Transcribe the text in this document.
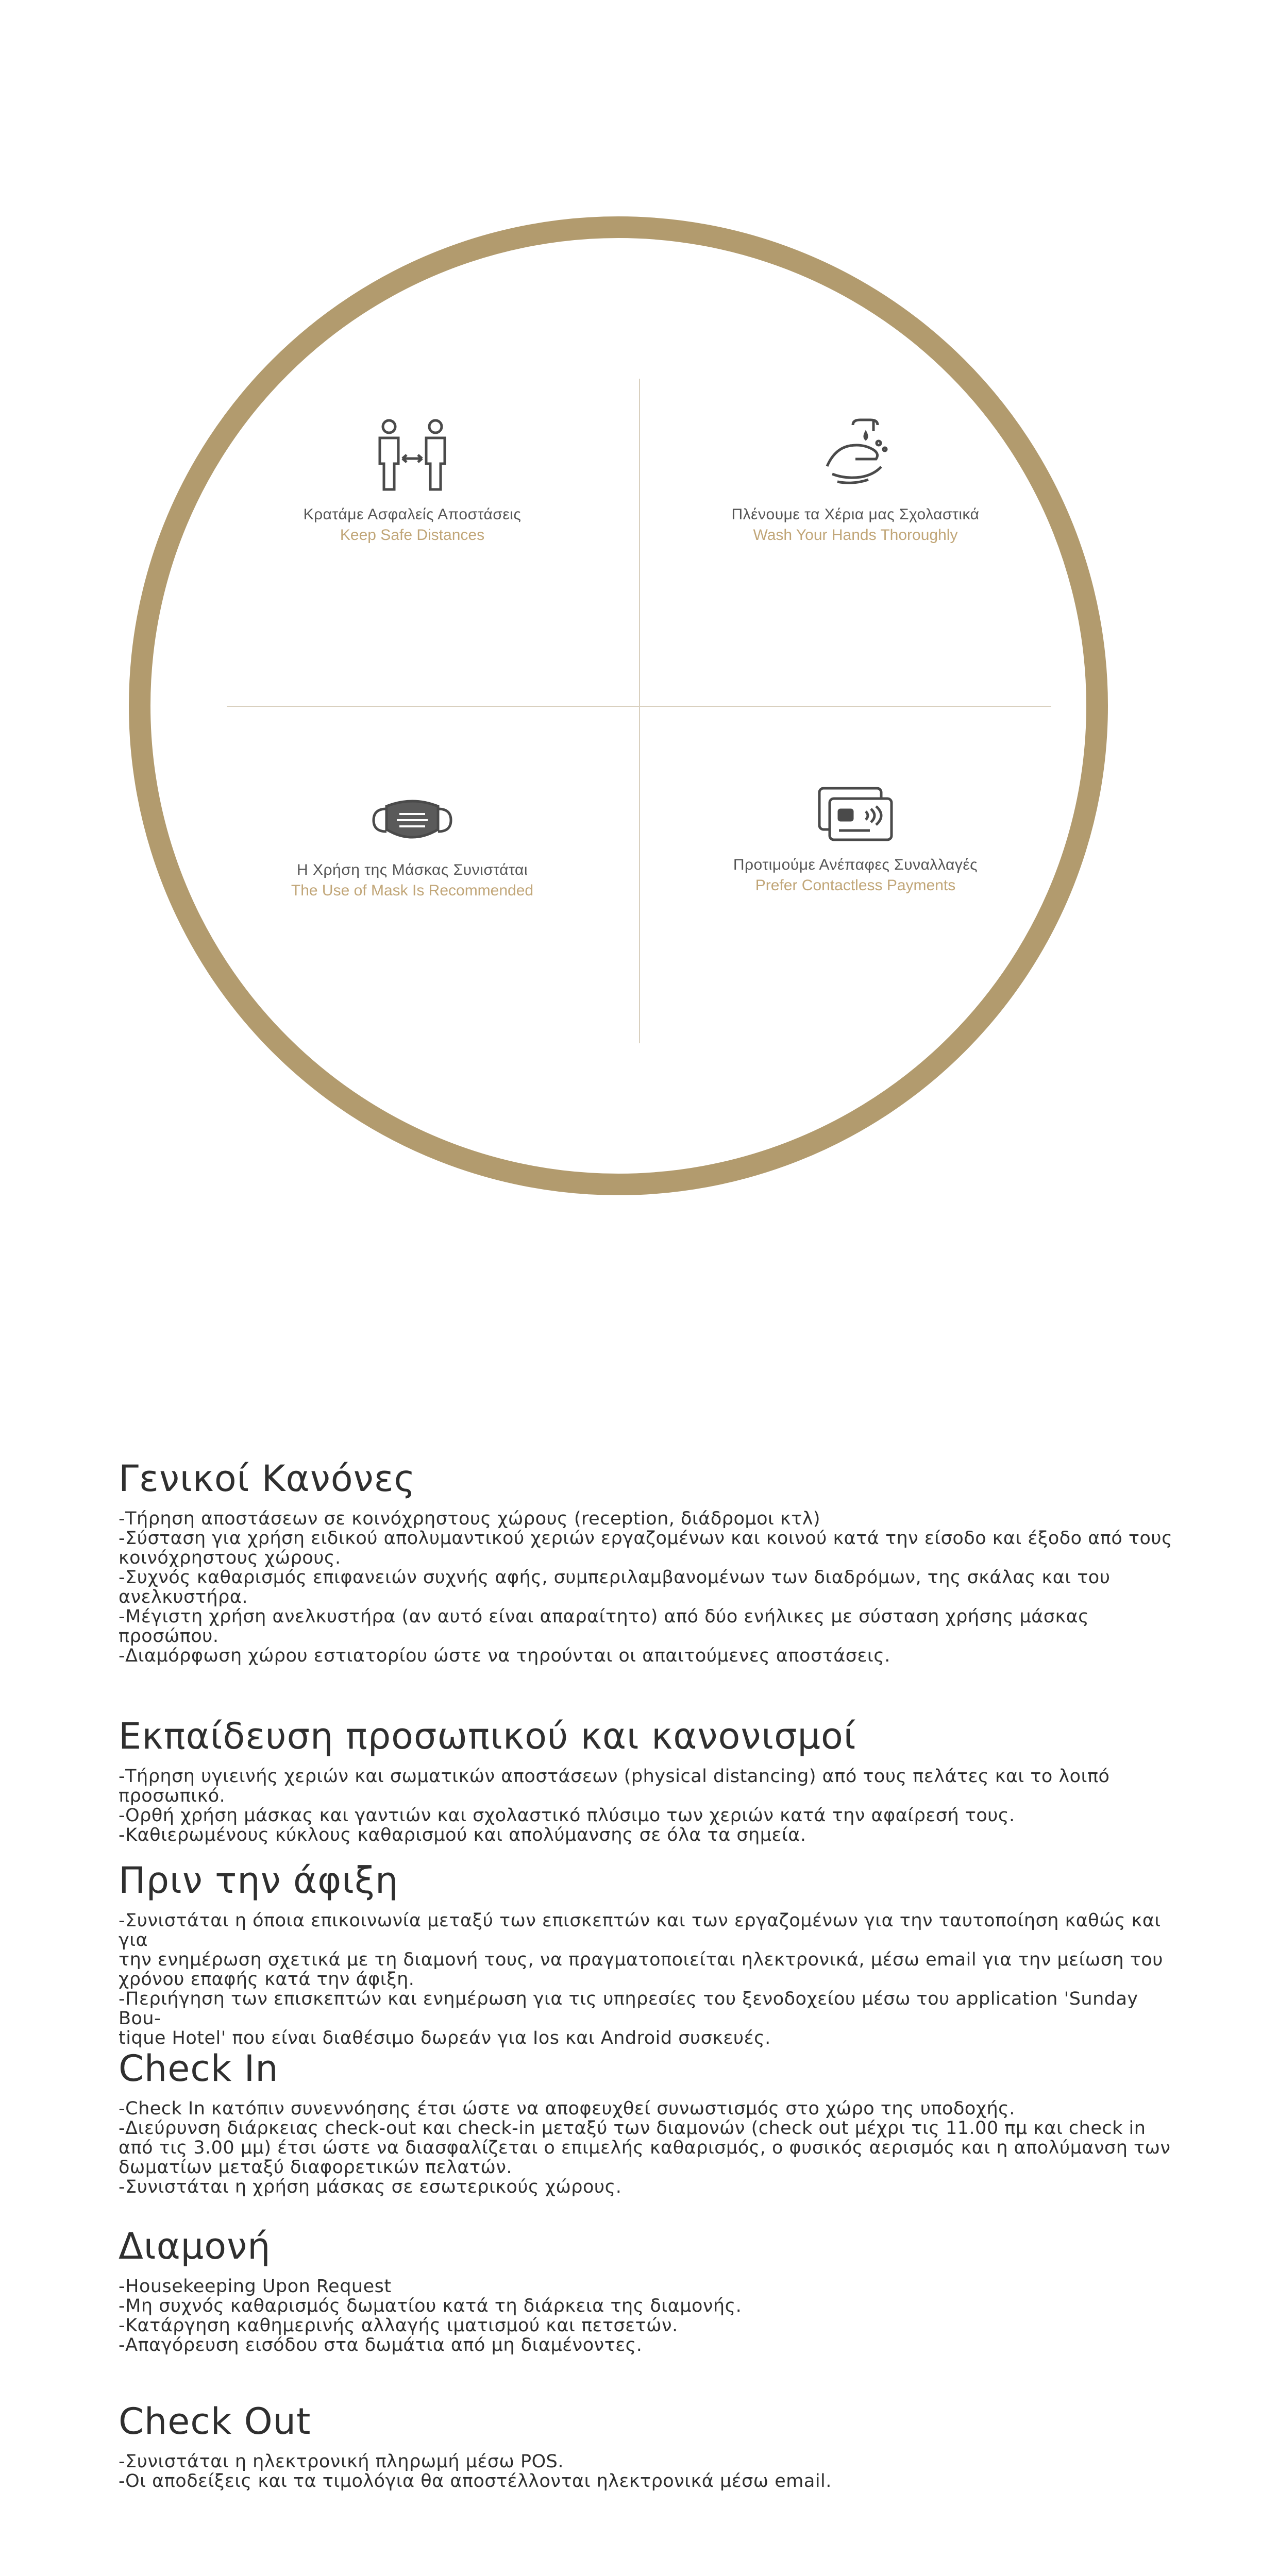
Κρατάμε Ασφαλείς Αποστάσεις
Keep Safe Distances
Πλένουμε τα Χέρια μας Σχολαστικά
Wash Your Hands Thoroughly
Η Χρήση της Μάσκας Συνιστάται
The Use of Mask Is Recommended
Προτιμούμε Ανέπαφες Συναλλαγές
Prefer Contactless Payments
Γενικοί Κανόνες
-Τήρηση αποστάσεων σε κοινόχρηστους χώρους (reception, διάδρομοι κτλ)
-Σύσταση για χρήση ειδικού απολυμαντικού χεριών εργαζομένων και κοινού κατά την είσοδο και έξοδο από τους
κοινόχρηστους χώρους.
-Συχνός καθαρισμός επιφανειών συχνής αφής, συμπεριλαμβανομένων των διαδρόμων, της σκάλας και του
ανελκυστήρα.
-Μέγιστη χρήση ανελκυστήρα (αν αυτό είναι απαραίτητο) από δύο ενήλικες με σύσταση χρήσης μάσκας
προσώπου.
-Διαμόρφωση χώρου εστιατορίου ώστε να τηρούνται οι απαιτούμενες αποστάσεις.
Εκπαίδευση προσωπικού και κανονισμοί
-Τήρηση υγιεινής χεριών και σωματικών αποστάσεων (physical distancing) από τους πελάτες και το λοιπό
προσωπικό.
-Ορθή χρήση μάσκας και γαντιών και σχολαστικό πλύσιμο των χεριών κατά την αφαίρεσή τους.
-Καθιερωμένους κύκλους καθαρισμού και απολύμανσης σε όλα τα σημεία.
Πριν την άφιξη
-Συνιστάται η όποια επικοινωνία μεταξύ των επισκεπτών και των εργαζομένων για την ταυτοποίηση καθώς και για
την ενημέρωση σχετικά με τη διαμονή τους, να πραγματοποιείται ηλεκτρονικά, μέσω email για την μείωση του
χρόνου επαφής κατά την άφιξη.
-Περιήγηση των επισκεπτών και ενημέρωση για τις υπηρεσίες του ξενοδοχείου μέσω του application 'Sunday Bou-
tique Hotel' που είναι διαθέσιμο δωρεάν για Ios και Android συσκευές.
Check In
-Check In κατόπιν συνεννόησης έτσι ώστε να αποφευχθεί συνωστισμός στο χώρο της υποδοχής.
-Διεύρυνση διάρκειας check-out και check-in μεταξύ των διαμονών (check out μέχρι τις 11.00 πμ και check in
από τις 3.00 μμ) έτσι ώστε να διασφαλίζεται ο επιμελής καθαρισμός, ο φυσικός αερισμός και η απολύμανση των
δωματίων μεταξύ διαφορετικών πελατών.
-Συνιστάται η χρήση μάσκας σε εσωτερικούς χώρους.
Διαμονή
-Housekeeping Upon Request
-Μη συχνός καθαρισμός δωματίου κατά τη διάρκεια της διαμονής.
-Κατάργηση καθημερινής αλλαγής ιματισμού και πετσετών.
-Απαγόρευση εισόδου στα δωμάτια από μη διαμένοντες.
Check Out
-Συνιστάται η ηλεκτρονική πληρωμή μέσω POS.
-Οι αποδείξεις και τα τιμολόγια θα αποστέλλονται ηλεκτρονικά μέσω email.
